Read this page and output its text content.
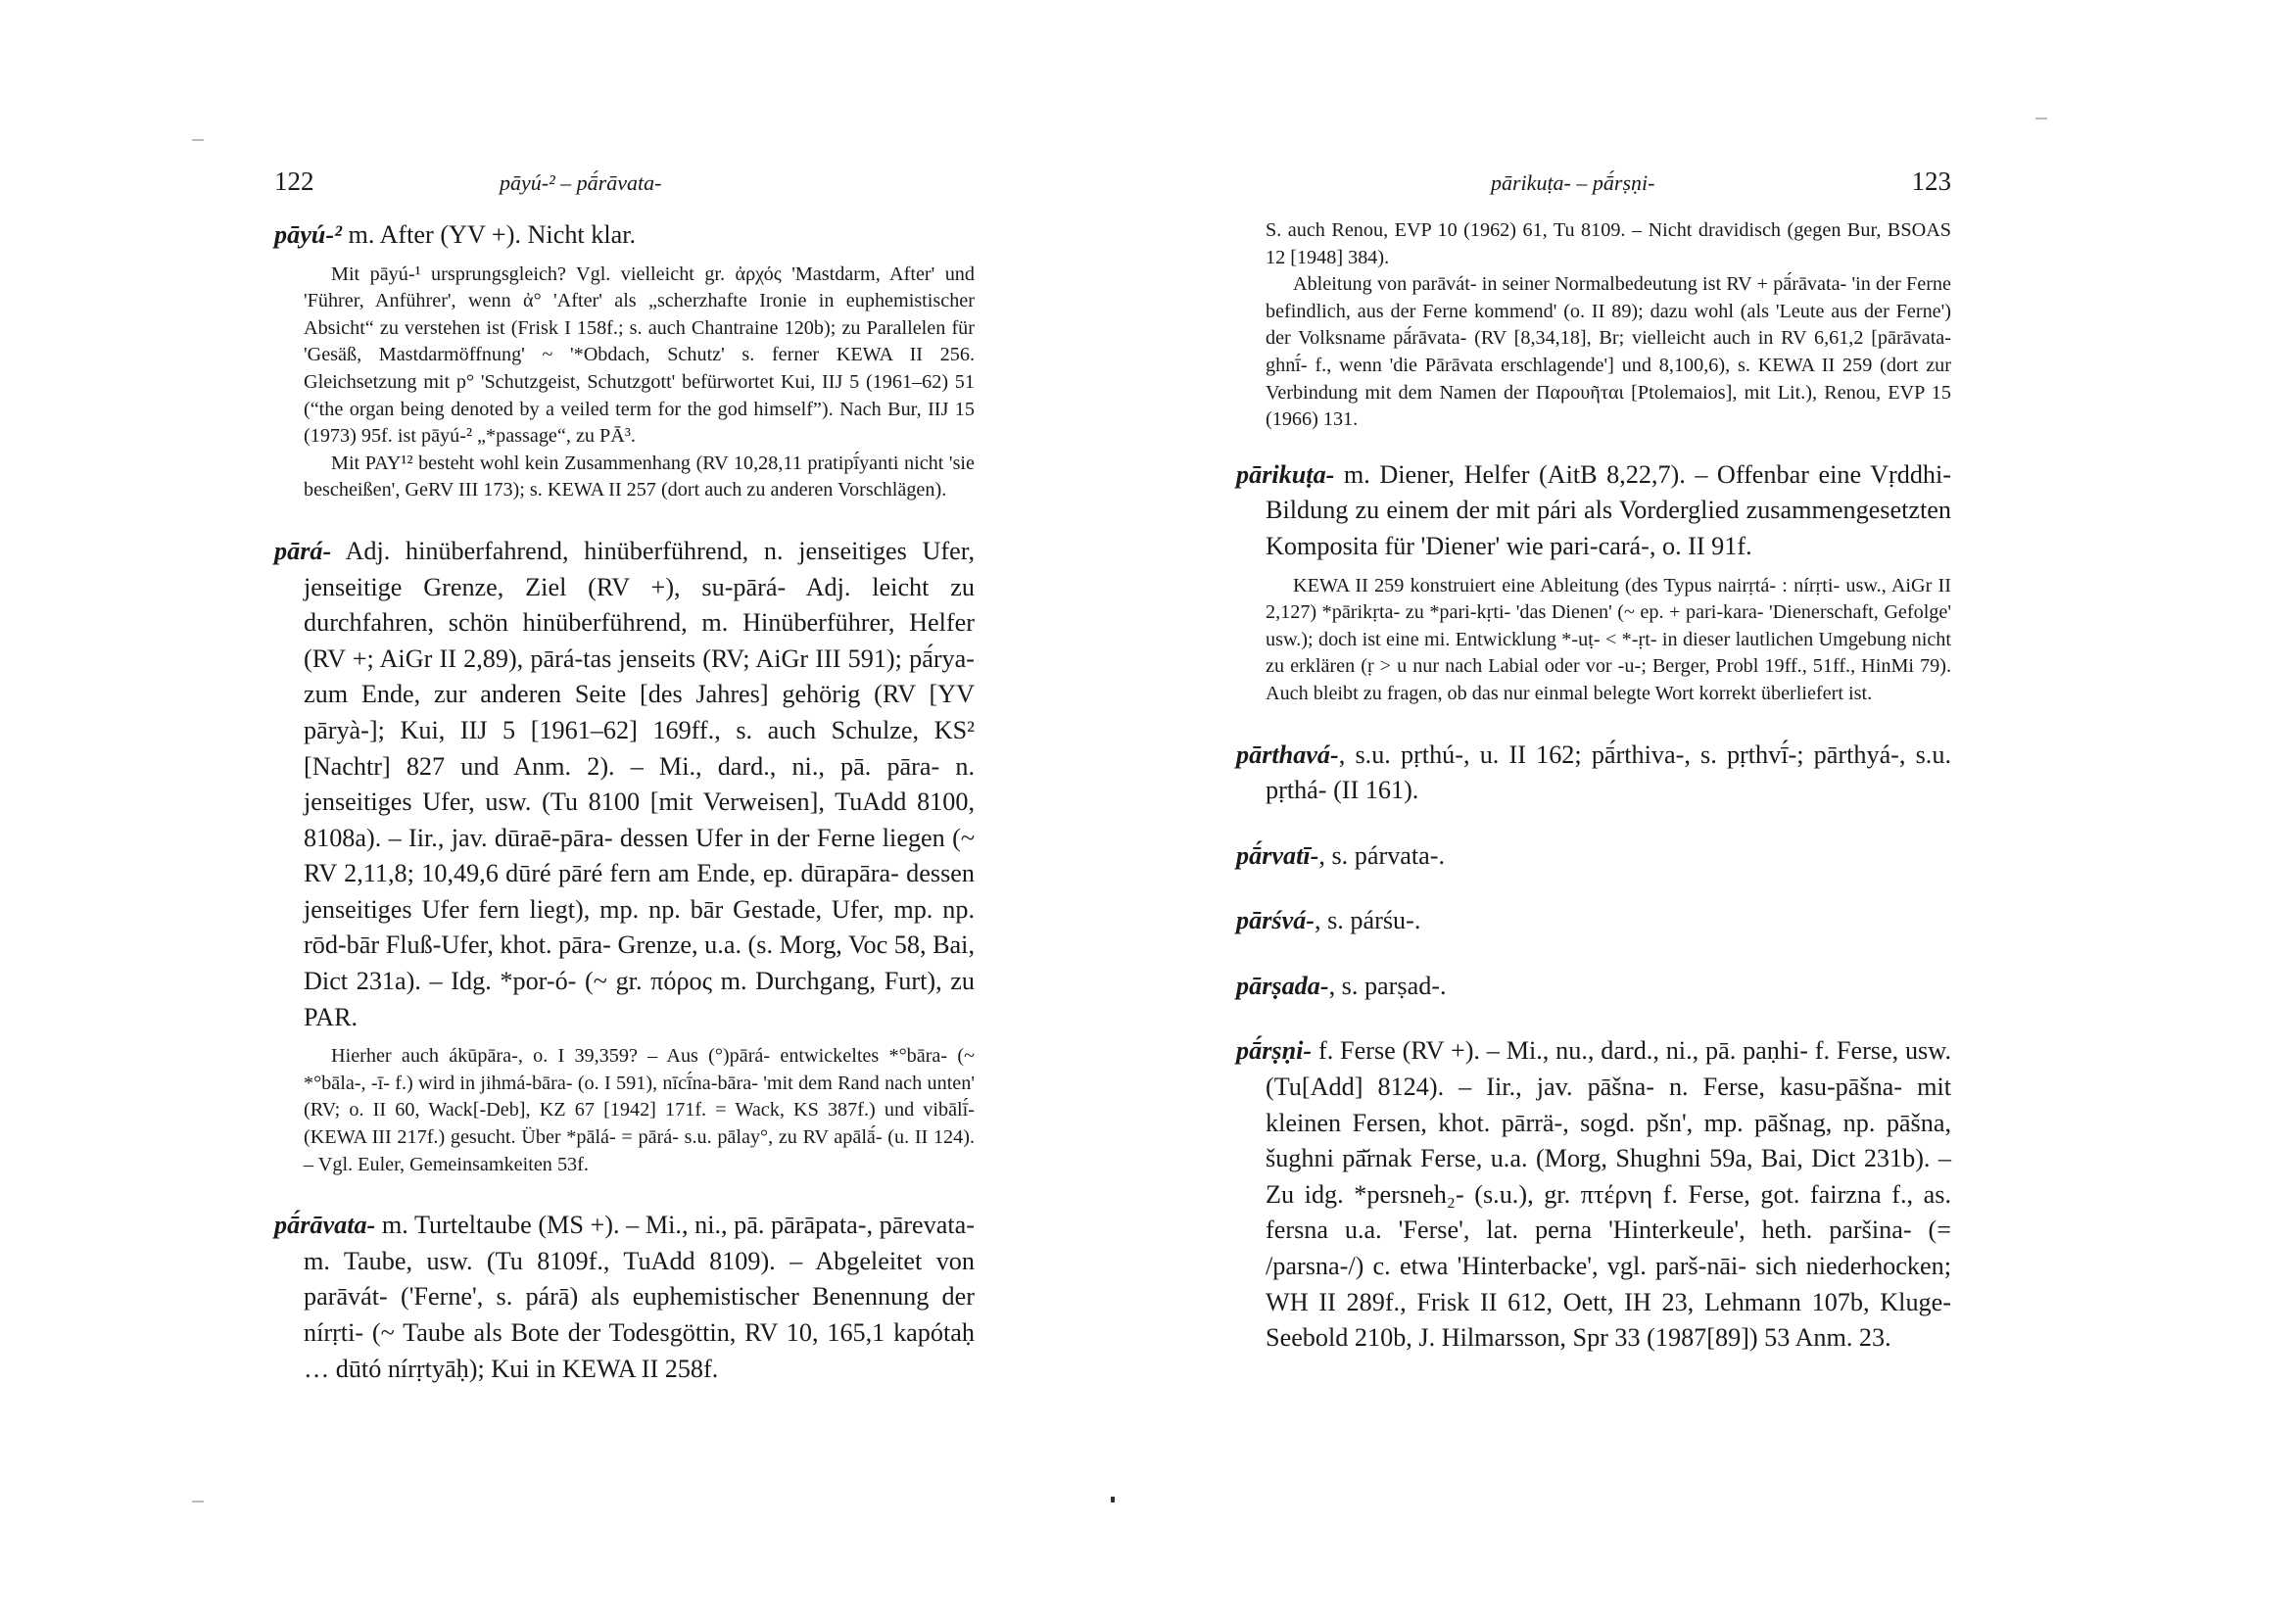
122	pāyú-² – pā́rāvata-

pāyú-² m. After (YV +). Nicht klar.

Mit pāyú-¹ ursprungsgleich? Vgl. vielleicht gr. ἀρχός 'Mastdarm, After' und 'Führer, Anführer', wenn ἀ° 'After' als „scherzhafte Ironie in euphemistischer Absicht“ zu verstehen ist (Frisk I 158f.; s. auch Chantraine 120b); zu Parallelen für 'Gesäß, Mastdarmöffnung' ~ '*Obdach, Schutz' s. ferner KEWA II 256. Gleichsetzung mit p° 'Schutzgeist, Schutzgott' befürwortet Kui, IIJ 5 (1961–62) 51 (“the organ being denoted by a veiled term for the god himself”). Nach Bur, IIJ 15 (1973) 95f. ist pāyú-² „*passage“, zu PĀ³.

Mit PAY¹² besteht wohl kein Zusammenhang (RV 10,28,11 pratipī́yanti nicht 'sie bescheißen', GeRV III 173); s. KEWA II 257 (dort auch zu anderen Vorschlägen).

pārá- Adj. hinüberfahrend, hinüberführend, n. jenseitiges Ufer, jenseitige Grenze, Ziel (RV +), su-pārá- Adj. leicht zu durchfahren, schön hinüberführend, m. Hinüberführer, Helfer (RV +; AiGr II 2,89), pārá-tas jenseits (RV; AiGr III 591); pā́rya- zum Ende, zur anderen Seite [des Jahres] gehörig (RV [YV pāryà-]; Kui, IIJ 5 [1961–62] 169ff., s. auch Schulze, KS² [Nachtr] 827 und Anm. 2). – Mi., dard., ni., pā. pāra- n. jenseitiges Ufer, usw. (Tu 8100 [mit Verweisen], TuAdd 8100, 8108a). – Iir., jav. dūraē-pāra- dessen Ufer in der Ferne liegen (~ RV 2,11,8; 10,49,6 dūré pāré fern am Ende, ep. dūrapāra- dessen jenseitiges Ufer fern liegt), mp. np. bār Gestade, Ufer, mp. np. rōd-bār Fluß-Ufer, khot. pāra- Grenze, u.a. (s. Morg, Voc 58, Bai, Dict 231a). – Idg. *por-ó- (~ gr. πόρος m. Durchgang, Furt), zu PAR.

Hierher auch ákūpāra-, o. I 39,359? – Aus (°)pārá- entwickeltes *°bāra- (~ *°bāla-, -ī- f.) wird in jihmá-bāra- (o. I 591), nīcī́na-bāra- 'mit dem Rand nach unten' (RV; o. II 60, Wack[-Deb], KZ 67 [1942] 171f. = Wack, KS 387f.) und vibālī́- (KEWA III 217f.) gesucht. Über *pālá- = pārá- s.u. pālay°, zu RV apālā́- (u. II 124). – Vgl. Euler, Gemeinsamkeiten 53f.

pā́rāvata- m. Turteltaube (MS +). – Mi., ni., pā. pārāpata-, pārevata- m. Taube, usw. (Tu 8109f., TuAdd 8109). – Abgeleitet von parāvát- ('Ferne', s. párā) als euphemistischer Benennung der nírṛti- (~ Taube als Bote der Todesgöttin, RV 10, 165,1 kapótaḥ … dūtó nírṛtyāḥ); Kui in KEWA II 258f.

pārikuṭa- – pā́rṣṇi-	123

S. auch Renou, EVP 10 (1962) 61, Tu 8109. – Nicht dravidisch (gegen Bur, BSOAS 12 [1948] 384).

Ableitung von parāvát- in seiner Normalbedeutung ist RV + pā́rāvata- 'in der Ferne befindlich, aus der Ferne kommend' (o. II 89); dazu wohl (als 'Leute aus der Ferne') der Volksname pā́rāvata- (RV [8,34,18], Br; vielleicht auch in RV 6,61,2 [pārāvata-ghnī́- f., wenn 'die Pārāvata erschlagende'] und 8,100,6), s. KEWA II 259 (dort zur Verbindung mit dem Namen der Παρουῆται [Ptolemaios], mit Lit.), Renou, EVP 15 (1966) 131.

pārikuṭa- m. Diener, Helfer (AitB 8,22,7). – Offenbar eine Vṛddhi-Bildung zu einem der mit pári als Vorderglied zusammengesetzten Komposita für 'Diener' wie pari-cará-, o. II 91f.

KEWA II 259 konstruiert eine Ableitung (des Typus nairṛtá- : nírṛti- usw., AiGr II 2,127) *pārikṛta- zu *pari-kṛti- 'das Dienen' (~ ep. + pari-kara- 'Dienerschaft, Gefolge' usw.); doch ist eine mi. Entwicklung *-uṭ- < *-ṛt- in dieser lautlichen Umgebung nicht zu erklären (ṛ > u nur nach Labial oder vor -u-; Berger, Probl 19ff., 51ff., HinMi 79). Auch bleibt zu fragen, ob das nur einmal belegte Wort korrekt überliefert ist.

pārthavá-, s.u. pṛthú-, u. II 162; pā́rthiva-, s. pṛthvī́-; pārthyá-, s.u. pṛthá- (II 161).

pā́rvatī-, s. párvata-.

pārśvá-, s. párśu-.

pārṣada-, s. parṣad-.

pā́rṣṇi- f. Ferse (RV +). – Mi., nu., dard., ni., pā. paṇhi- f. Ferse, usw. (Tu[Add] 8124). – Iir., jav. pāšna- n. Ferse, kasu-pāšna- mit kleinen Fersen, khot. pārrä-, sogd. pšn', mp. pāšnag, np. pāšna, šughni pā̆rnak Ferse, u.a. (Morg, Shughni 59a, Bai, Dict 231b). – Zu idg. *persneh₂- (s.u.), gr. πτέρνη f. Ferse, got. fairzna f., as. fersna u.a. 'Ferse', lat. perna 'Hinterkeule', heth. paršina- (= /parsna-/) c. etwa 'Hinterbacke', vgl. parš-nāi- sich niederhocken; WH II 289f., Frisk II 612, Oett, IH 23, Lehmann 107b, Kluge-Seebold 210b, J. Hilmarsson, Spr 33 (1987[89]) 53 Anm. 23.
